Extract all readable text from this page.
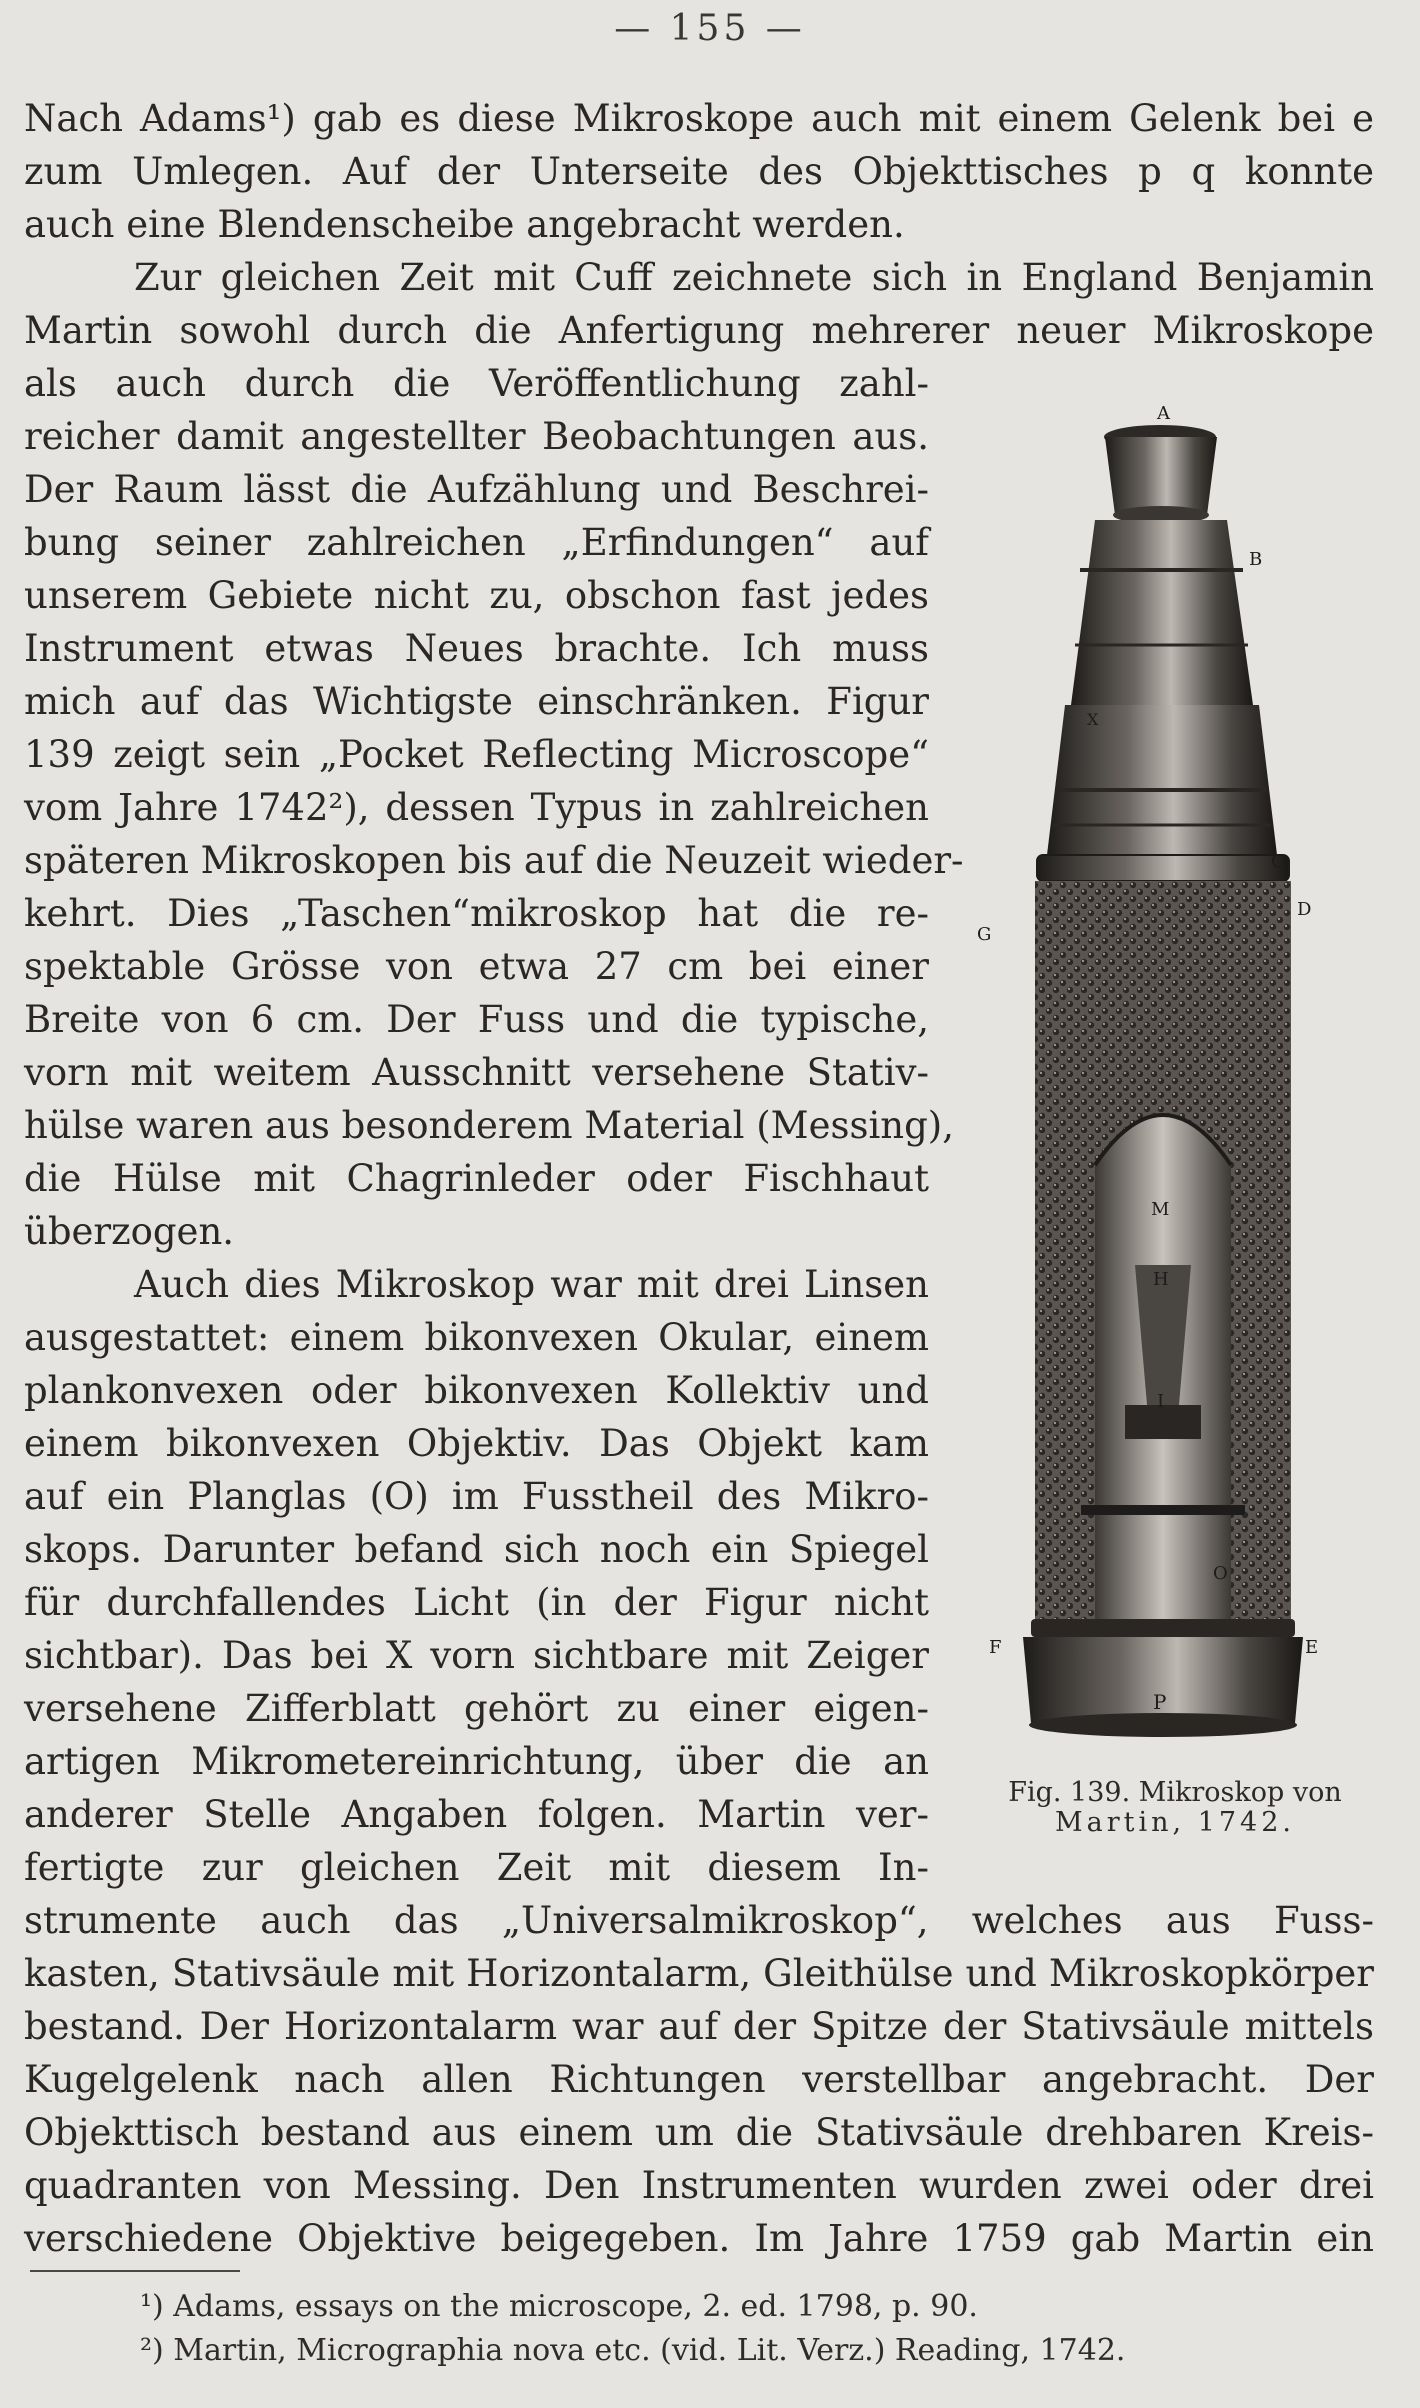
— 155 —
Nach Adams¹) gab es diese Mikroskope auch mit einem Gelenk bei e
zum Umlegen. Auf der Unterseite des Objekttisches p q konnte
auch eine Blendenscheibe angebracht werden.
Zur gleichen Zeit mit Cuff zeichnete sich in England Benjamin
Martin sowohl durch die Anfertigung mehrerer neuer Mikroskope
als auch durch die Veröffentlichung zahl-
reicher damit angestellter Beobachtungen aus.
Der Raum lässt die Aufzählung und Beschrei-
bung seiner zahlreichen „Erfindungen“ auf
unserem Gebiete nicht zu, obschon fast jedes
Instrument etwas Neues brachte. Ich muss
mich auf das Wichtigste einschränken. Figur
139 zeigt sein „Pocket Reflecting Microscope“
vom Jahre 1742²), dessen Typus in zahlreichen
späteren Mikroskopen bis auf die Neuzeit wieder-
kehrt. Dies „Taschen“mikroskop hat die re-
spektable Grösse von etwa 27 cm bei einer
Breite von 6 cm. Der Fuss und die typische,
vorn mit weitem Ausschnitt versehene Stativ-
hülse waren aus besonderem Material (Messing),
die Hülse mit Chagrinleder oder Fischhaut
überzogen.
Auch dies Mikroskop war mit drei Linsen
ausgestattet: einem bikonvexen Okular, einem
plankonvexen oder bikonvexen Kollektiv und
einem bikonvexen Objektiv. Das Objekt kam
auf ein Planglas (O) im Fusstheil des Mikro-
skops. Darunter befand sich noch ein Spiegel
für durchfallendes Licht (in der Figur nicht
sichtbar). Das bei X vorn sichtbare mit Zeiger
versehene Zifferblatt gehört zu einer eigen-
artigen Mikrometereinrichtung, über die an
anderer Stelle Angaben folgen. Martin ver-
fertigte zur gleichen Zeit mit diesem In-
strumente auch das „Universalmikroskop“, welches aus Fuss-
kasten, Stativsäule mit Horizontalarm, Gleithülse und Mikroskopkörper
bestand. Der Horizontalarm war auf der Spitze der Stativsäule mittels
Kugelgelenk nach allen Richtungen verstellbar angebracht. Der
Objekttisch bestand aus einem um die Stativsäule drehbaren Kreis-
quadranten von Messing. Den Instrumenten wurden zwei oder drei
verschiedene Objektive beigegeben. Im Jahre 1759 gab Martin ein
A
B
C
D
E
F
G
H
I
M
O
P
X
Fig. 139. Mikroskop von
Martin, 1742.
¹) Adams, essays on the microscope, 2. ed. 1798, p. 90.
²) Martin, Micrographia nova etc. (vid. Lit. Verz.) Reading, 1742.
